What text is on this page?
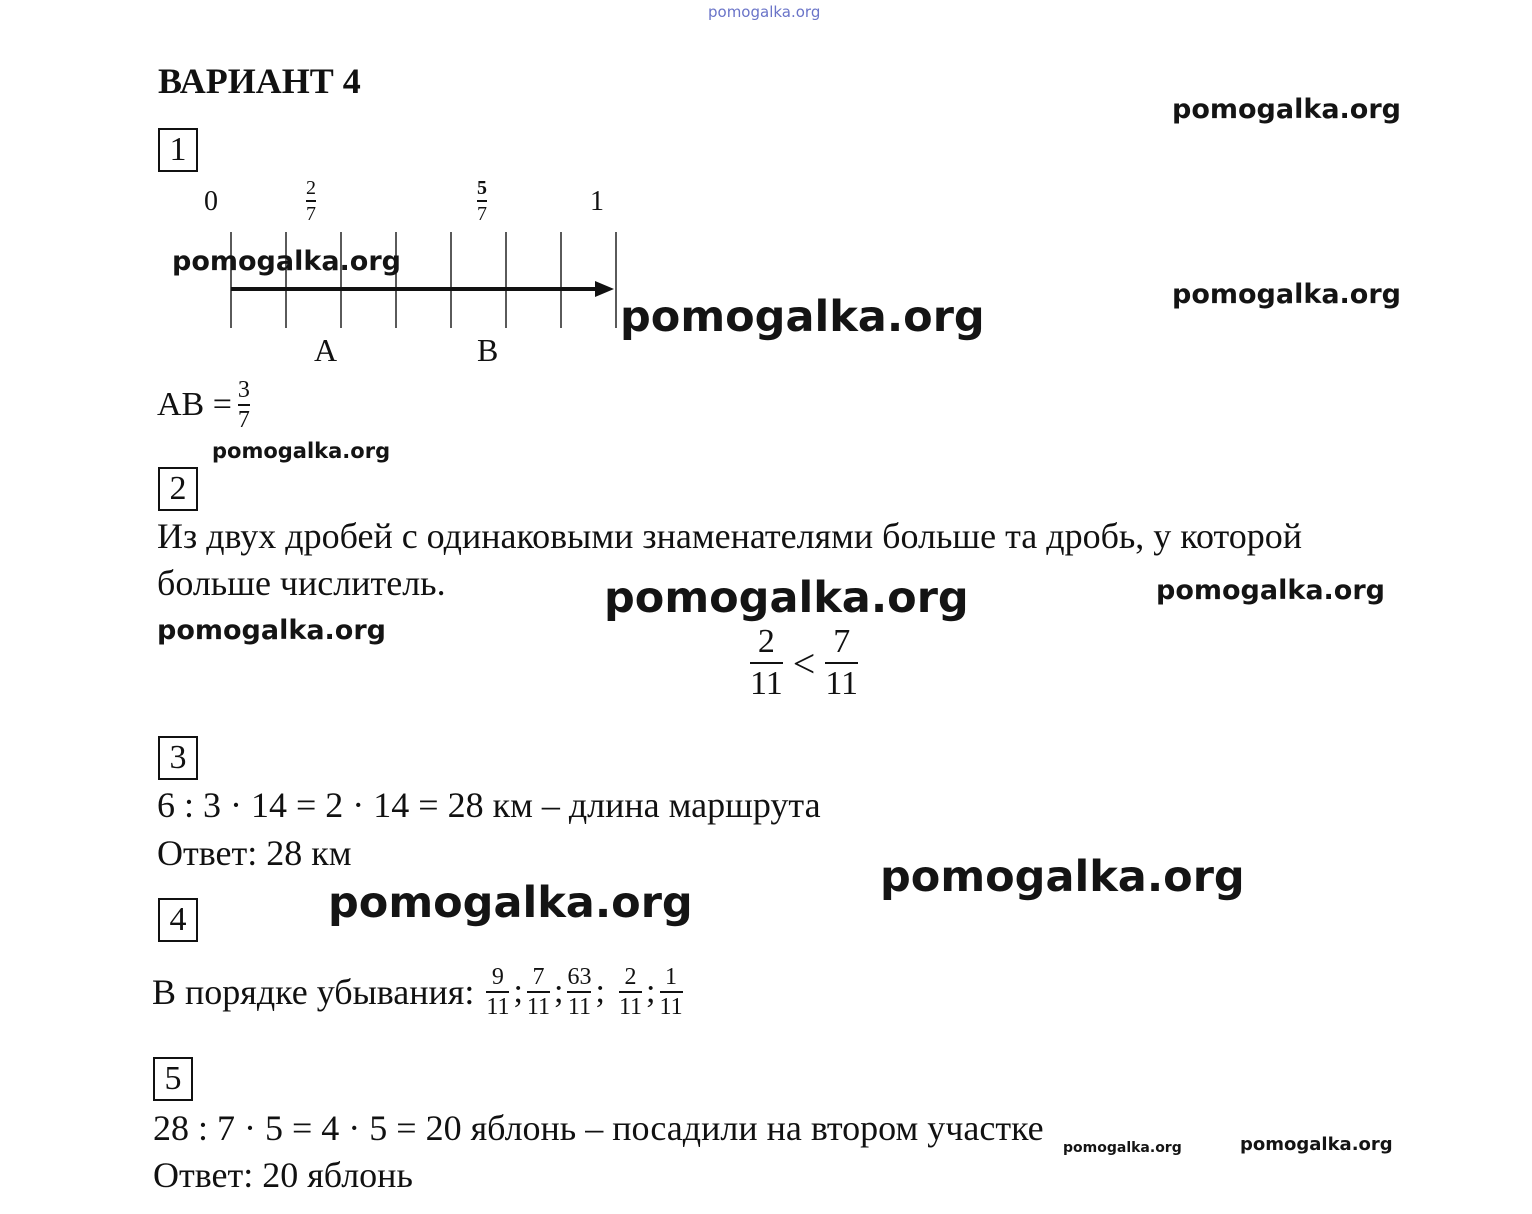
pomogalka.org
ВАРИАНТ 4
1
0	2
7
5
7	1
A	B
AB = $\frac{3}{7}$
2
Из двух дробей с одинаковыми знаменателями больше та дробь, у которой
больше числитель.
$\frac{2}{11} < \frac{7}{11}$
3
6 : 3 · 14 = 2 · 14 = 28 км – длина маршрута
Ответ: 28 км
4
В порядке убывания: $\frac{9}{11}$ ; $\frac{7}{11}$ ; $\frac{63}{11}$ ; $\frac{2}{11}$ ; $\frac{1}{11}$
5
28 : 7 · 5 = 4 · 5 = 20 яблонь – посадили на втором участке
Ответ: 20 яблонь
pomogalka.org
pomogalka.org
pomogalka.org
pomogalka.org
pomogalka.org
pomogalka.org	pomogalka.org
pomogalka.org
pomogalka.org
pomogalka.org
pomogalka.org	pomogalka.org
